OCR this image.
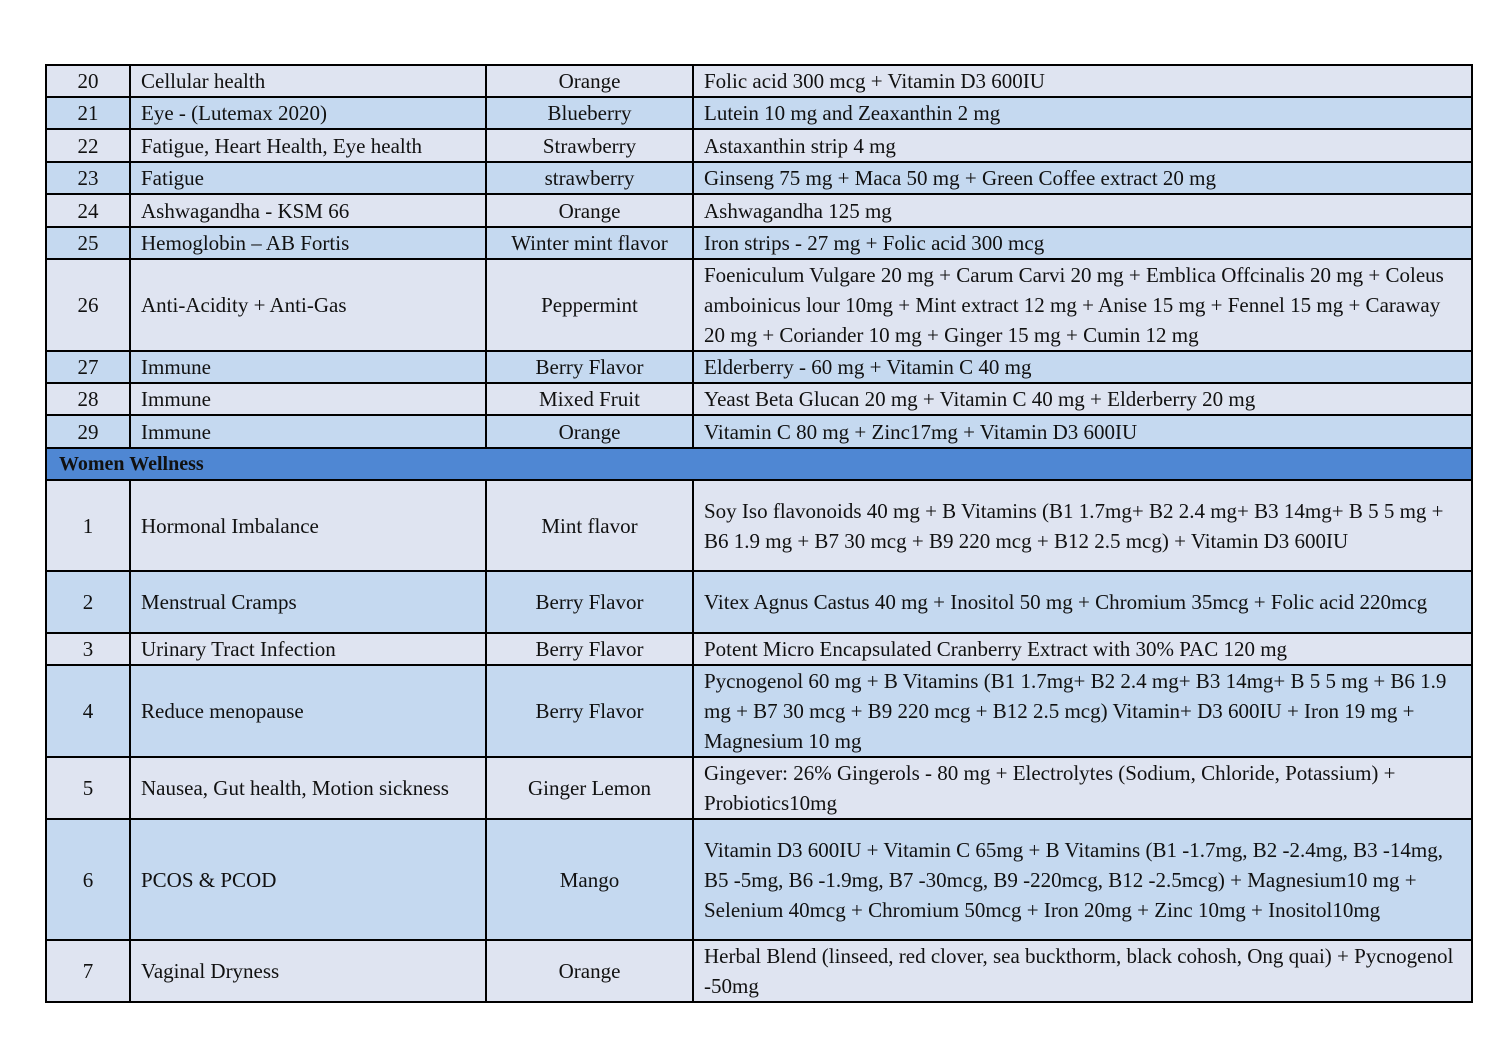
20	Cellular health	Orange	Folic acid 300 mcg + Vitamin D3 600IU
21	Eye - (Lutemax 2020)	Blueberry	Lutein 10 mg and Zeaxanthin 2 mg
22	Fatigue, Heart Health, Eye health	Strawberry	Astaxanthin strip 4 mg
23	Fatigue	strawberry	Ginseng 75 mg + Maca 50 mg + Green Coffee extract 20 mg
24	Ashwagandha - KSM 66	Orange	Ashwagandha 125 mg
25	Hemoglobin – AB Fortis	Winter mint flavor	Iron strips - 27 mg + Folic acid 300 mcg
26	Anti-Acidity + Anti-Gas	Peppermint	Foeniculum Vulgare 20 mg + Carum Carvi 20 mg + Emblica Offcinalis 20 mg + Coleus amboinicus lour 10mg + Mint extract 12 mg + Anise 15 mg + Fennel 15 mg + Caraway 20 mg + Coriander 10 mg + Ginger 15 mg + Cumin 12 mg
27	Immune	Berry Flavor	Elderberry - 60 mg + Vitamin C 40 mg
28	Immune	Mixed Fruit	Yeast Beta Glucan 20 mg + Vitamin C 40 mg + Elderberry 20 mg
29	Immune	Orange	Vitamin C 80 mg + Zinc17mg + Vitamin D3 600IU
Women Wellness			
1	Hormonal Imbalance	Mint flavor	Soy Iso flavonoids 40 mg + B Vitamins (B1 1.7mg+ B2 2.4 mg+ B3 14mg+ B 5 5 mg + B6 1.9 mg + B7 30 mcg + B9 220 mcg + B12 2.5 mcg) + Vitamin D3 600IU
2	Menstrual Cramps	Berry Flavor	Vitex Agnus Castus 40 mg + Inositol 50 mg + Chromium 35mcg + Folic acid 220mcg
3	Urinary Tract Infection	Berry Flavor	Potent Micro Encapsulated Cranberry Extract with 30% PAC 120 mg
4	Reduce menopause	Berry Flavor	Pycnogenol 60 mg + B Vitamins (B1 1.7mg+ B2 2.4 mg+ B3 14mg+ B 5 5 mg + B6 1.9 mg + B7 30 mcg + B9 220 mcg + B12 2.5 mcg) Vitamin+ D3 600IU + Iron 19 mg + Magnesium 10 mg
5	Nausea, Gut health, Motion sickness	Ginger Lemon	Gingever: 26% Gingerols - 80 mg + Electrolytes (Sodium, Chloride, Potassium) + Probiotics10mg
6	PCOS & PCOD	Mango	Vitamin D3 600IU + Vitamin C 65mg + B Vitamins (B1 -1.7mg, B2 -2.4mg, B3 -14mg, B5 -5mg, B6 -1.9mg, B7 -30mcg, B9 -220mcg, B12 -2.5mcg) + Magnesium10 mg + Selenium 40mcg + Chromium 50mcg + Iron 20mg + Zinc 10mg + Inositol10mg
7	Vaginal Dryness	Orange	Herbal Blend (linseed, red clover, sea buckthorm, black cohosh, Ong quai) + Pycnogenol -50mg
